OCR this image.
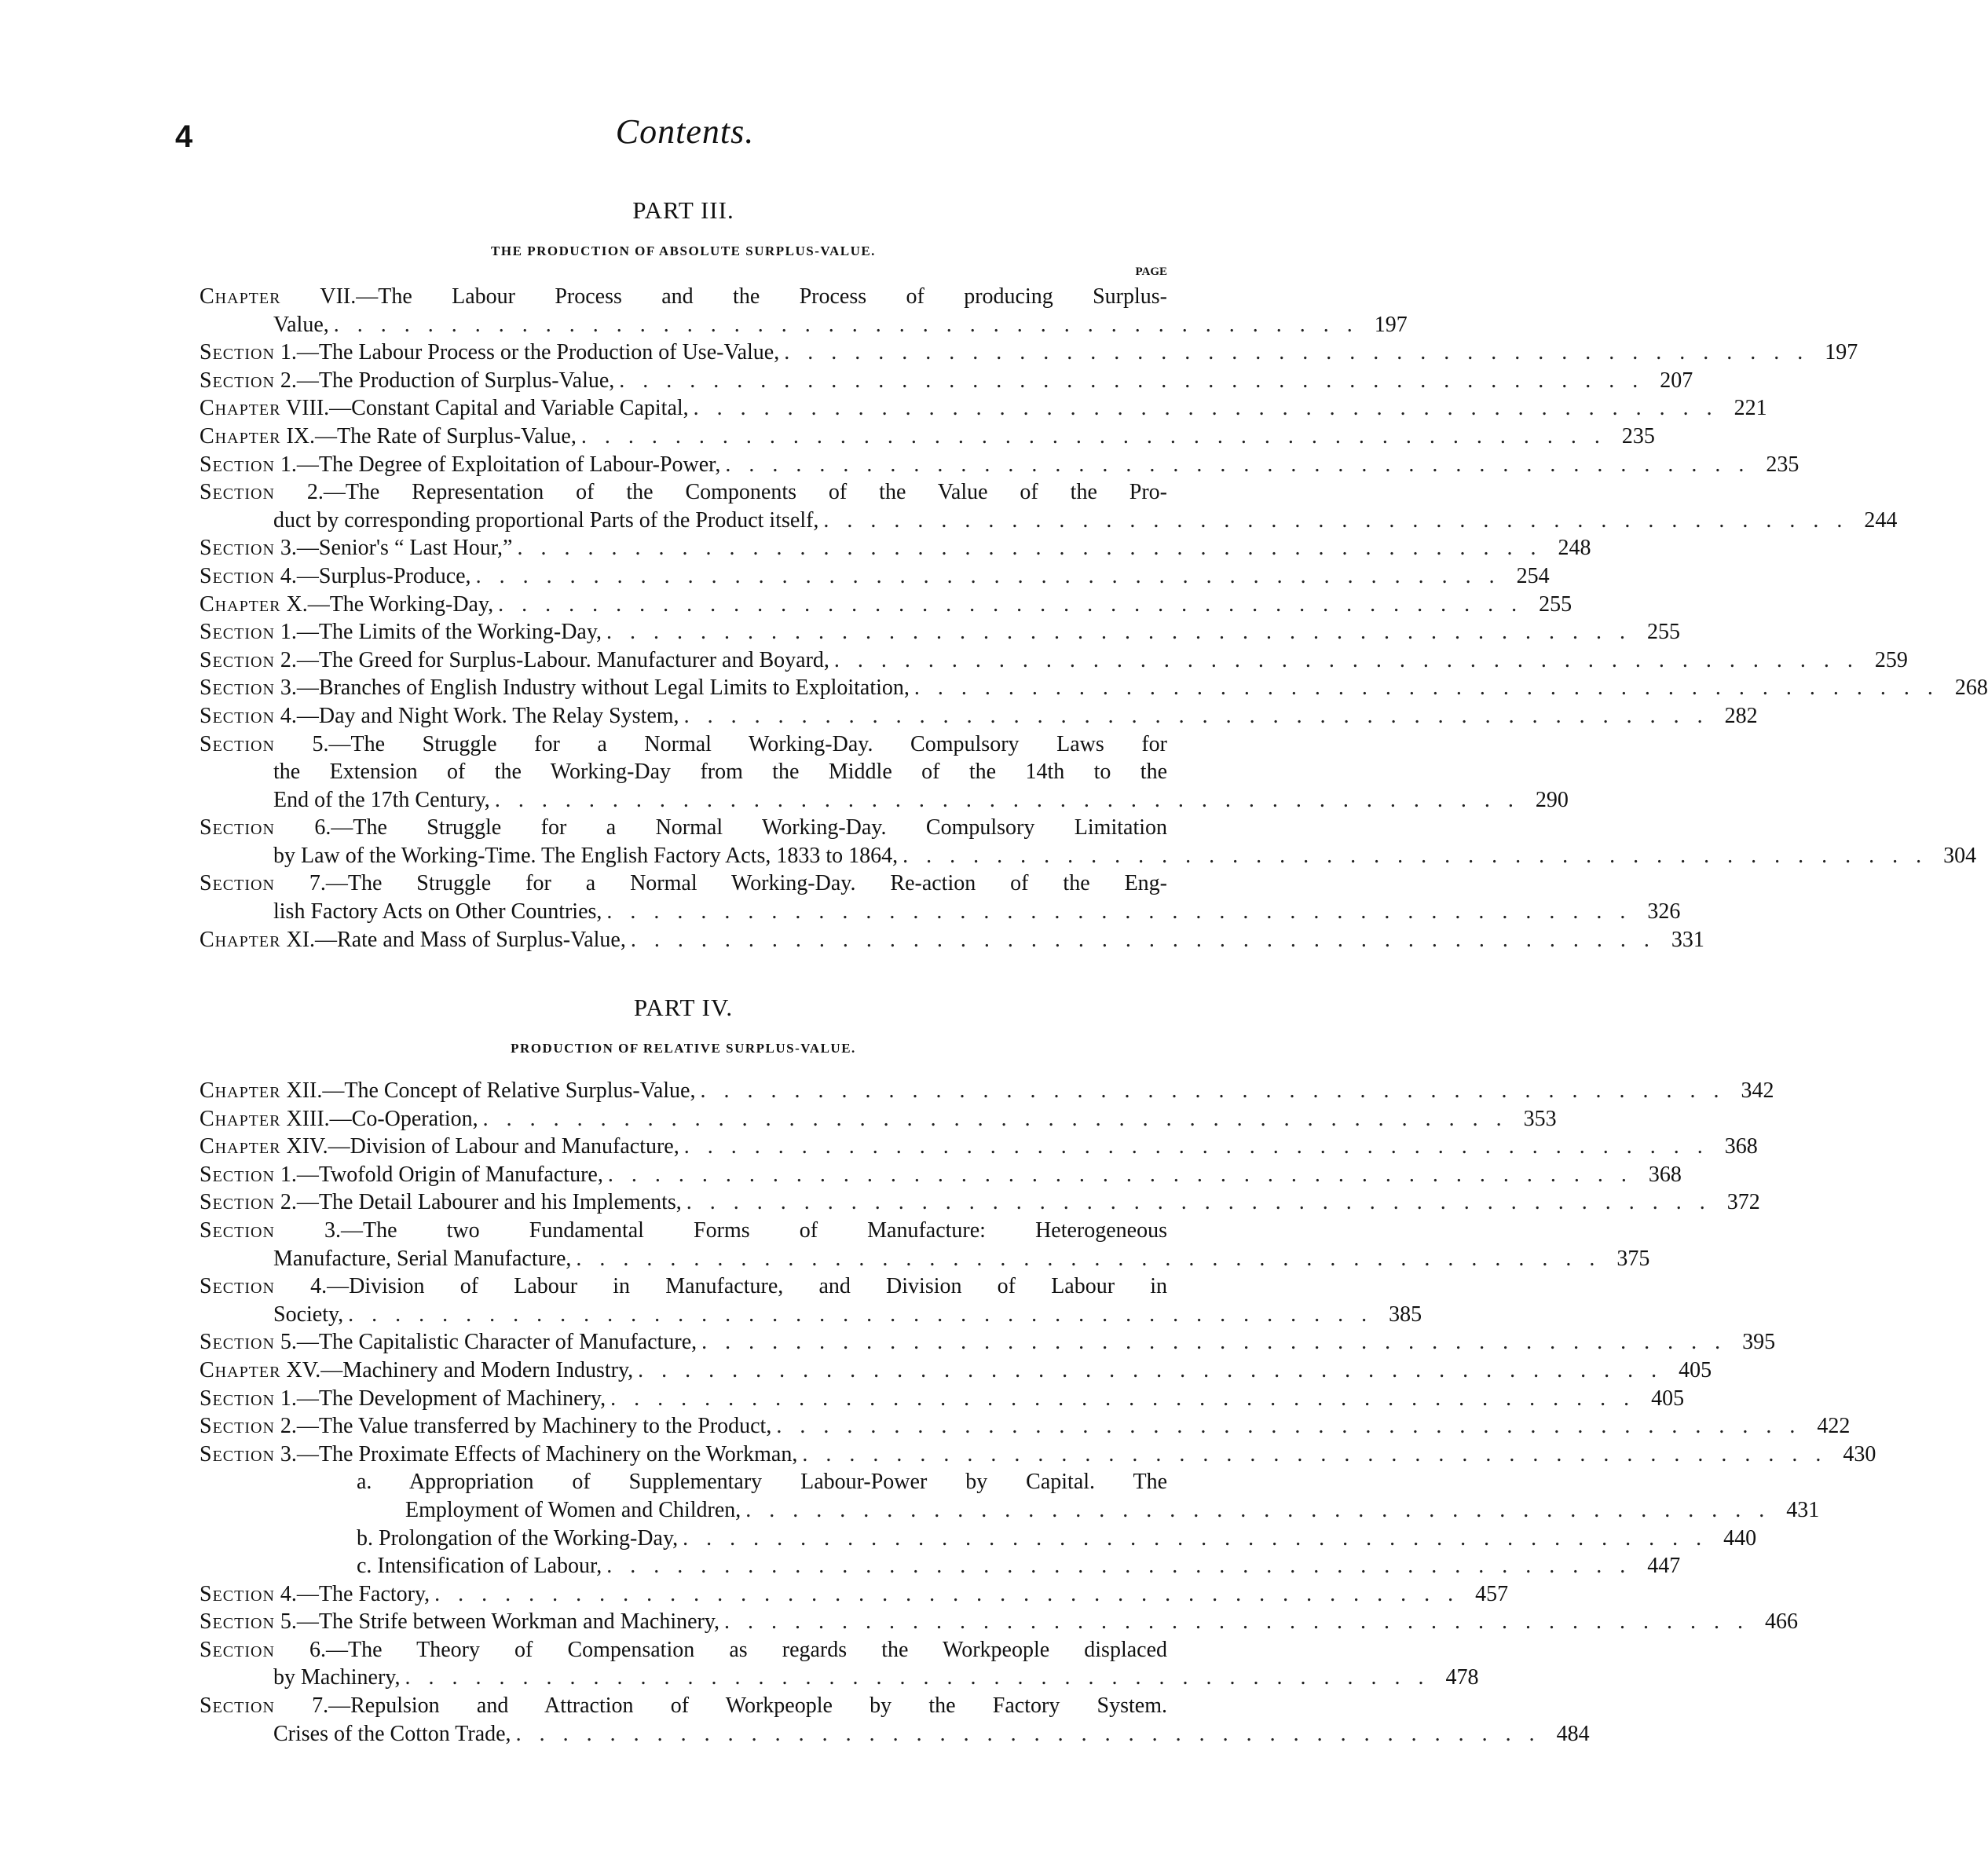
4	Contents.
PART III.
THE PRODUCTION OF ABSOLUTE SURPLUS-VALUE.
PAGE
Chapter VII.—The Labour Process and the Process of producing Surplus-
Value, . . . . . . . . . . . . . . . . . . . . . . . . . . . . . . . . . . . . . . . . . . . . 197
Section 1.—The Labour Process or the Production of Use-Value, . . . . . . . . . . . . . . . . . . . . . . . . . . . . . . . . . . . . . . . . . . . . 197
Section 2.—The Production of Surplus-Value, . . . . . . . . . . . . . . . . . . . . . . . . . . . . . . . . . . . . . . . . . . . . 207
Chapter VIII.—Constant Capital and Variable Capital, . . . . . . . . . . . . . . . . . . . . . . . . . . . . . . . . . . . . . . . . . . . . 221
Chapter IX.—The Rate of Surplus-Value, . . . . . . . . . . . . . . . . . . . . . . . . . . . . . . . . . . . . . . . . . . . . 235
Section 1.—The Degree of Exploitation of Labour-Power, . . . . . . . . . . . . . . . . . . . . . . . . . . . . . . . . . . . . . . . . . . . . 235
Section 2.—The Representation of the Components of the Value of the Pro-
duct by corresponding proportional Parts of the Product itself, . . . . . . . . . . . . . . . . . . . . . . . . . . . . . . . . . . . . . . . . . . . . 244
Section 3.—Senior's “ Last Hour,” . . . . . . . . . . . . . . . . . . . . . . . . . . . . . . . . . . . . . . . . . . . . 248
Section 4.—Surplus-Produce, . . . . . . . . . . . . . . . . . . . . . . . . . . . . . . . . . . . . . . . . . . . . 254
Chapter X.—The Working-Day, . . . . . . . . . . . . . . . . . . . . . . . . . . . . . . . . . . . . . . . . . . . . 255
Section 1.—The Limits of the Working-Day, . . . . . . . . . . . . . . . . . . . . . . . . . . . . . . . . . . . . . . . . . . . . 255
Section 2.—The Greed for Surplus-Labour. Manufacturer and Boyard, . . . . . . . . . . . . . . . . . . . . . . . . . . . . . . . . . . . . . . . . . . . . 259
Section 3.—Branches of English Industry without Legal Limits to Exploitation, . . . . . . . . . . . . . . . . . . . . . . . . . . . . . . . . . . . . . . . . . . . . 268
Section 4.—Day and Night Work. The Relay System, . . . . . . . . . . . . . . . . . . . . . . . . . . . . . . . . . . . . . . . . . . . . 282
Section 5.—The Struggle for a Normal Working-Day. Compulsory Laws for
the Extension of the Working-Day from the Middle of the 14th to the
End of the 17th Century, . . . . . . . . . . . . . . . . . . . . . . . . . . . . . . . . . . . . . . . . . . . . 290
Section 6.—The Struggle for a Normal Working-Day. Compulsory Limitation
by Law of the Working-Time. The English Factory Acts, 1833 to 1864, . . . . . . . . . . . . . . . . . . . . . . . . . . . . . . . . . . . . . . . . . . . . 304
Section 7.—The Struggle for a Normal Working-Day. Re-action of the Eng-
lish Factory Acts on Other Countries, . . . . . . . . . . . . . . . . . . . . . . . . . . . . . . . . . . . . . . . . . . . . 326
Chapter XI.—Rate and Mass of Surplus-Value, . . . . . . . . . . . . . . . . . . . . . . . . . . . . . . . . . . . . . . . . . . . . 331
PART IV.
PRODUCTION OF RELATIVE SURPLUS-VALUE.
Chapter XII.—The Concept of Relative Surplus-Value, . . . . . . . . . . . . . . . . . . . . . . . . . . . . . . . . . . . . . . . . . . . . 342
Chapter XIII.—Co-Operation, . . . . . . . . . . . . . . . . . . . . . . . . . . . . . . . . . . . . . . . . . . . . 353
Chapter XIV.—Division of Labour and Manufacture, . . . . . . . . . . . . . . . . . . . . . . . . . . . . . . . . . . . . . . . . . . . . 368
Section 1.—Twofold Origin of Manufacture, . . . . . . . . . . . . . . . . . . . . . . . . . . . . . . . . . . . . . . . . . . . . 368
Section 2.—The Detail Labourer and his Implements, . . . . . . . . . . . . . . . . . . . . . . . . . . . . . . . . . . . . . . . . . . . . 372
Section 3.—The two Fundamental Forms of Manufacture: Heterogeneous
Manufacture, Serial Manufacture, . . . . . . . . . . . . . . . . . . . . . . . . . . . . . . . . . . . . . . . . . . . . 375
Section 4.—Division of Labour in Manufacture, and Division of Labour in
Society, . . . . . . . . . . . . . . . . . . . . . . . . . . . . . . . . . . . . . . . . . . . . 385
Section 5.—The Capitalistic Character of Manufacture, . . . . . . . . . . . . . . . . . . . . . . . . . . . . . . . . . . . . . . . . . . . . 395
Chapter XV.—Machinery and Modern Industry, . . . . . . . . . . . . . . . . . . . . . . . . . . . . . . . . . . . . . . . . . . . . 405
Section 1.—The Development of Machinery, . . . . . . . . . . . . . . . . . . . . . . . . . . . . . . . . . . . . . . . . . . . . 405
Section 2.—The Value transferred by Machinery to the Product, . . . . . . . . . . . . . . . . . . . . . . . . . . . . . . . . . . . . . . . . . . . . 422
Section 3.—The Proximate Effects of Machinery on the Workman, . . . . . . . . . . . . . . . . . . . . . . . . . . . . . . . . . . . . . . . . . . . . 430
a. Appropriation of Supplementary Labour-Power by Capital. The
Employment of Women and Children, . . . . . . . . . . . . . . . . . . . . . . . . . . . . . . . . . . . . . . . . . . . . 431
b. Prolongation of the Working-Day, . . . . . . . . . . . . . . . . . . . . . . . . . . . . . . . . . . . . . . . . . . . . 440
c. Intensification of Labour, . . . . . . . . . . . . . . . . . . . . . . . . . . . . . . . . . . . . . . . . . . . . 447
Section 4.—The Factory, . . . . . . . . . . . . . . . . . . . . . . . . . . . . . . . . . . . . . . . . . . . . 457
Section 5.—The Strife between Workman and Machinery, . . . . . . . . . . . . . . . . . . . . . . . . . . . . . . . . . . . . . . . . . . . . 466
Section 6.—The Theory of Compensation as regards the Workpeople displaced
by Machinery, . . . . . . . . . . . . . . . . . . . . . . . . . . . . . . . . . . . . . . . . . . . . 478
Section 7.—Repulsion and Attraction of Workpeople by the Factory System.
Crises of the Cotton Trade, . . . . . . . . . . . . . . . . . . . . . . . . . . . . . . . . . . . . . . . . . . . . 484
